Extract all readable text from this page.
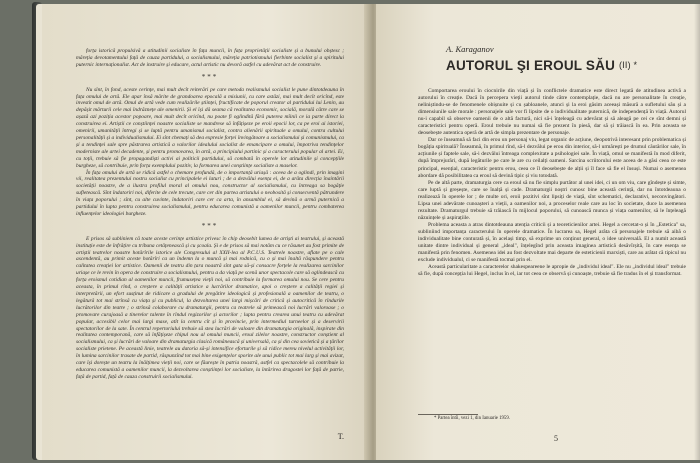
forța istorică propulsivă a atitudinii socialiste în fața muncii, în fața proprietății socialiste și a bunului obștesc ; măreția devotamentului față de cauza partidului, a socialismului, măreția patriotismului fierbinte socialist și a spiritului puternic internaționalist. Act de instruire și educare, actul artistic nu devoră astfel cu adevărat act de construire.

***

Nu sînt, în fond, aceste cerințe, mai mult decît reiterări pe care metoda realismului socialist le pune dintotdeauna în fața omului de artă. Ele apar însă mărite de grandoarea epocală a misiunii, cu care astăzi, mai mult decît oricînd, este investit omul de artă. Omul de artă vede cum realizările științei, fructificate de poporul creator al partidului lui Lenin, au depășit mărturii cele mai îndrăznețe ale omenirii. Și el își dă seama că realitatea economic, socială, morală către care se așază azi poziția acestor popoare, mai mult decît oricînd, nu poate fi oglindită fără puterea mîinii ce ia parte direct la construirea ei. Artiștii ce conștiinței noastre socialiste se mandrese să înfățișeze pe eroii epocii lor, ca pe eroi ai istoriei, omenirii, umanității întregi și se luptă pentru umanismul socialist, contra alienării spirituale a omului, contra cultului personalității și a individualismului. Ei sînt chemați să dea expresie forței învingătoare a socialismului și comunismului, ca și a tendinței sale spre păstrarea artistică a valorilor idealului socialist de emancipare a omului, împotriva tendințelor moderniste ale artei decadente, și pentru promovarea, în artă, a principiului partinic și a caracterului popular al artei. Ei, cu toții, trebuie să fie propagandiști activi ai politicii partidului, să combată în operele lor atitudinile și concepțiile burgheze, să contribuie, prin forța exemplului pozitiv, la formarea unei conștiințe socialiste a maselor.

În fața omului de artă se ridică astfel o chemare profundă, de o importanță uriașă : aceea de a oglindi, prin imagini vii, realitatea prezentului nostru socialist cu principalele ei laturi ; de a dezvălui esența ei, de a arăta direcția înaintării societății noastre, de a ilustra profilul moral al omului nou, constructor al socialismului, cu întreaga sa bogăție sufletească. Sînt îndatoriri noi, diferite de cele trecute, care cer din partea artistului o neobosită și consecventă pătrundere în viața poporului ; sînt, cu alte cuvinte, îndatoriri care cer ca arta, în ansamblul ei, să devină o armă puternică a partidului în lupta pentru construirea socialismului, pentru educarea comunistă a oamenilor muncii, pentru combaterea influențelor ideologiei burgheze.

***

E prisos să subliniem că toate aceste cerințe artistice privesc în chip deosebit lumea de artiști ai teatrului, și această instituție este de înfrățire cu tribuna cetățenească și cu școala. Și e de prisos să mai notăm cu ce răsunet au fost primite de artiștii teatrelor noastre hotărîrile istorice ale Congresului al XXII-lea al P.C.U.S. Teatrele noastre, aflate pe o cale ascendentă, au primit aceste hotărîri ca un îndemn la o muncă și mai rodnică, cu o și mai înaltă răspundere pentru calitatea creației lor artistice. Oamenii de teatru din țara noastră sînt gata să-și consacre forțele la realizarea sarcinilor uriașe ce le revin în opera de construire a socialismului, pentru a da viață pe scenă unor spectacole care să oglindească cu forța eroismul cotidian al oamenilor muncii, frumusețea vieții noi, să contribuie la formarea omului nou. Se cere pentru aceasta, în primul rînd, o creștere a calității artistice a lucrărilor dramatice, apoi o creștere a calității regiei și interpretării, un efort susținut de ridicare a gradului de pregătire ideologică și profesională a oamenilor de teatru, o legătură tot mai strînsă cu viața și cu publicul, la dezvoltarea unei largi mișcări de critică și autocritică în rîndurile lucrătorilor din teatre ; o strînsă colaborare cu dramaturgii, pentru ca teatrele să primească noi lucrări valoroase ; o promovare curajoasă a tinerelor talente în rîndul regizorilor și actorilor ; lupta pentru crearea unui teatru cu adevărat popular, accesibil celor mai largi mase, atît la centru cît și în provincie, prin intermediul turneelor și a deservirii spectatorilor de la sate. În centrul repertoriului trebuie să stea lucrări de valoare din dramaturgia originală, inspirate din realitatea contemporană, care să înfățișeze chipul nou al omului muncii, eroul zilelor noastre, constructor conștient al socialismului, ca și lucrări de valoare din dramaturgia clasică românească și universală, ca și din cea sovietică și a țărilor socialiste prietene. Pe această linie, teatrele au datoria să-și intensifice eforturile și să ridice mereu nivelul activității lor, în lumina sarcinilor trasate de partid, răspunzînd tot mai bine exigențelor sporite ale unui public tot mai larg și mai avizat, care își dorește un teatru la înălțimea vieții noi, care se făurește în patria noastră, astfel ca spectacolele să contribuie la educarea comunistă a oamenilor muncii, la dezvoltarea conștiinței lor socialiste, la întărirea dragostei lor față de patrie, față de partid, față de cauza construirii socialismului.

T.
A. Karaganov
AUTORUL ŞI EROUL SĂU (II) *

Comportarea eroului în ciocnirile din viață și în conflictele dramatice este direct legată de atitudinea activă a autorului în creație. Dacă în percepera vieții autorul tinde către contemplație, dacă nu are personalitate în creație, neliniștindu-se de fenomenele obișnuite și cu șabloanele, atunci și la eroi găsim aceeași măsură a sufletului său și a dimensiunile sale morale : personajele sale vor fi lipsite de o individualitate puternică, de independență în viață. Autorul nu-i capabil să observe oamenii de o altă factură, nici să-i înțeleagă cu adevărat și să aleagă pe cei ce sînt demni și caracteristici pentru operă. Eroul trebuie nu numai să fie prezent în piesă, dar să și trăiască în ea. Prin aceasta se deosebește autentica operă de artă de simpla prezentare de personaje.

Dar ce înseamnă să faci din erou un personaj viu, legat organic de acțiune, deopotrivă interesant prin problematica și bogăția spirituală? Înseamnă, în primul rînd, să-l dezvălui pe erou din interior, să-l urmărești pe drumul căutărilor sale, în acțiunile și faptele sale, să-i dezvălui întreaga complexitate a psihologiei sale. În viață, omul se manifestă în mod diferit, după împrejurări, după legăturile pe care le are cu ceilalți oameni. Sarcina scriitorului este aceea de a găsi ceea ce este principal, esențial, caracteristic pentru erou, ceea ce îl deosebește de alții și îl face să fie el însuși. Numai o asemenea abordare dă posibilitatea ca eroul să devină tipic și viu totodată.

Pe de altă parte, dramaturgia cere ca eroul să nu fie simplu purtător al unei idei, ci un om viu, care gîndește și simte, care luptă și greșește, care se înalță și cade. Dramaturgii noștri cunosc bine această cerință, dar nu întotdeauna o realizează în operele lor ; de multe ori, eroii pozitivi sînt lipsiți de viață, sînt schematici, declarativi, neconvingători. Lipsa unei adevărate cunoașteri a vieții, a oamenilor noi, a proceselor reale care au loc în societate, duce la asemenea rezultate. Dramaturgul trebuie să trăiască în mijlocul poporului, să cunoască munca și viața oamenilor, să le înțeleagă năzuințele și aspirațiile.

Problema aceasta a atras dintotdeauna atenția criticii și a teoreticienilor artei. Hegel a cercetat-o și în „Estetica" sa, subliniind importanța caracterului în operele dramatice. În lucrarea sa, Hegel arăta că personajele trebuie să aibă o individualitate bine conturată și, în același timp, să exprime un conținut general, o idee universală. El a numit această unitate dintre individual și general „ideal", înțelegînd prin aceasta imaginea artistică desăvîrșită, în care esența se manifestă prin fenomen. Asemenea idei au fost dezvoltate mai departe de esteticienii marxiști, care au arătat că tipicul nu exclude individualul, ci se manifestă tocmai prin el.

Această particularitate a caracterelor shakespeareene le apropie de „individul ideal". Ele nu „individul ideal" trebuie să fie, după concepția lui Hegel, inclus în el, iar tot ceea ce observă și cunoaște, trebuie să fie tradus în el și transformat.

* Partea întîi, vezi 1, din Ianuarie 1959.
5
